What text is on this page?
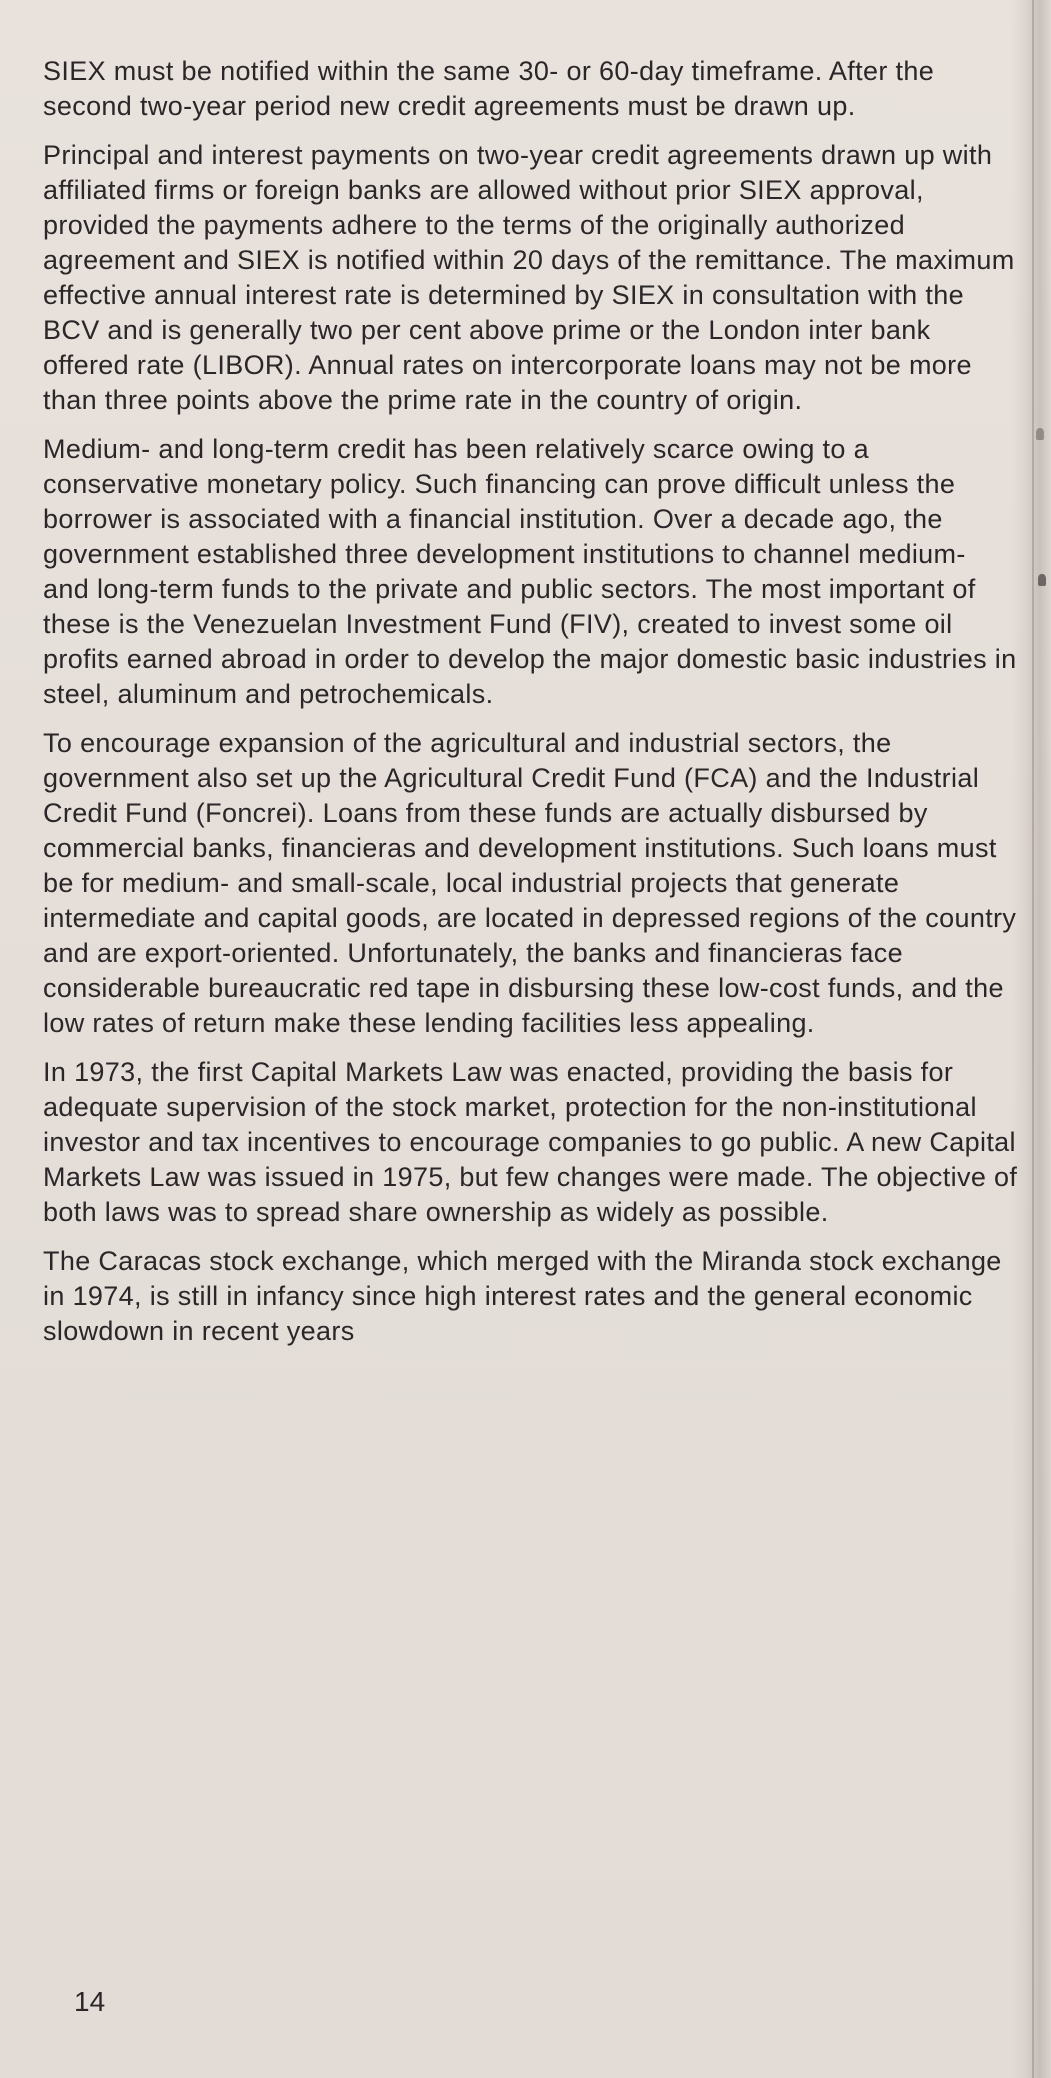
SIEX must be notified within the same 30- or 60-day timeframe. After the second two-year period new credit agreements must be drawn up.

Principal and interest payments on two-year credit agreements drawn up with affiliated firms or foreign banks are allowed without prior SIEX approval, provided the payments adhere to the terms of the originally authorized agreement and SIEX is notified within 20 days of the remittance. The maximum effective annual interest rate is determined by SIEX in consultation with the BCV and is generally two per cent above prime or the London inter bank offered rate (LIBOR). Annual rates on intercorporate loans may not be more than three points above the prime rate in the country of origin.

Medium- and long-term credit has been relatively scarce owing to a conservative monetary policy. Such financing can prove difficult unless the borrower is associated with a financial institution. Over a decade ago, the government established three development institutions to channel medium- and long-term funds to the private and public sectors. The most important of these is the Venezuelan Investment Fund (FIV), created to invest some oil profits earned abroad in order to develop the major domestic basic industries in steel, aluminum and petrochemicals.

To encourage expansion of the agricultural and industrial sectors, the government also set up the Agricultural Credit Fund (FCA) and the Industrial Credit Fund (Foncrei). Loans from these funds are actually disbursed by commercial banks, financieras and development institutions. Such loans must be for medium- and small-scale, local industrial projects that generate intermediate and capital goods, are located in depressed regions of the country and are export-oriented. Unfortunately, the banks and financieras face considerable bureaucratic red tape in disbursing these low-cost funds, and the low rates of return make these lending facilities less appealing.

In 1973, the first Capital Markets Law was enacted, providing the basis for adequate supervision of the stock market, protection for the non-institutional investor and tax incentives to encourage companies to go public. A new Capital Markets Law was issued in 1975, but few changes were made. The objective of both laws was to spread share ownership as widely as possible.

The Caracas stock exchange, which merged with the Miranda stock exchange in 1974, is still in infancy since high interest rates and the general economic slowdown in recent years

14
